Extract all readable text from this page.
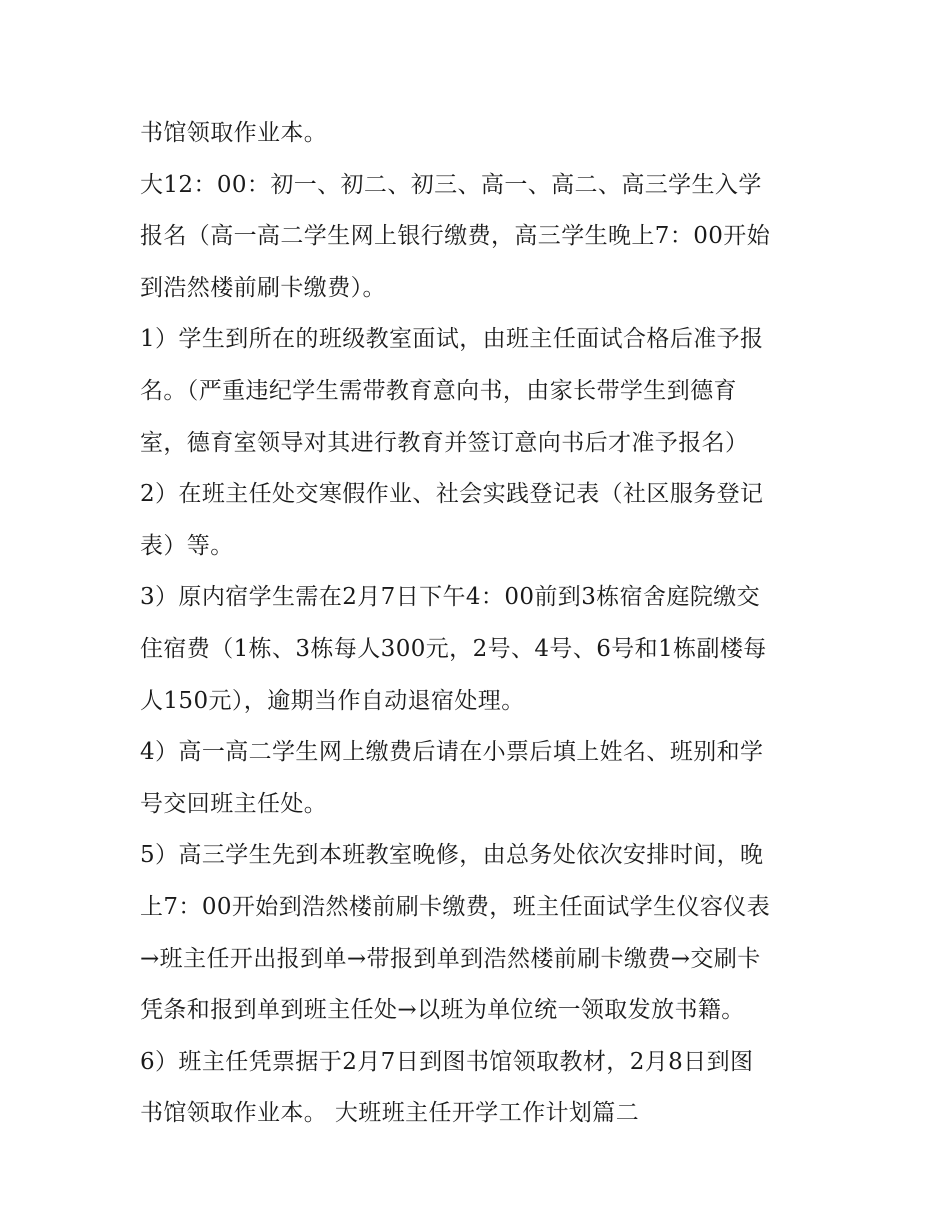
书馆领取作业本。
大12：00：初一、初二、初三、高一、高二、高三学生入学
报名（高一高二学生网上银行缴费，高三学生晚上7：00开始
到浩然楼前刷卡缴费）。
1）学生到所在的班级教室面试，由班主任面试合格后准予报
名。（严重违纪学生需带教育意向书，由家长带学生到德育
室，德育室领导对其进行教育并签订意向书后才准予报名）
2）在班主任处交寒假作业、社会实践登记表（社区服务登记
表）等。
3）原内宿学生需在2月7日下午4：00前到3栋宿舍庭院缴交
住宿费（1栋、3栋每人300元，2号、4号、6号和1栋副楼每
人150元），逾期当作自动退宿处理。
4）高一高二学生网上缴费后请在小票后填上姓名、班别和学
号交回班主任处。
5）高三学生先到本班教室晚修，由总务处依次安排时间，晚
上7：00开始到浩然楼前刷卡缴费，班主任面试学生仪容仪表
→班主任开出报到单→带报到单到浩然楼前刷卡缴费→交刷卡
凭条和报到单到班主任处→以班为单位统一领取发放书籍。
6）班主任凭票据于2月7日到图书馆领取教材，2月8日到图
书馆领取作业本。 大班班主任开学工作计划篇二
